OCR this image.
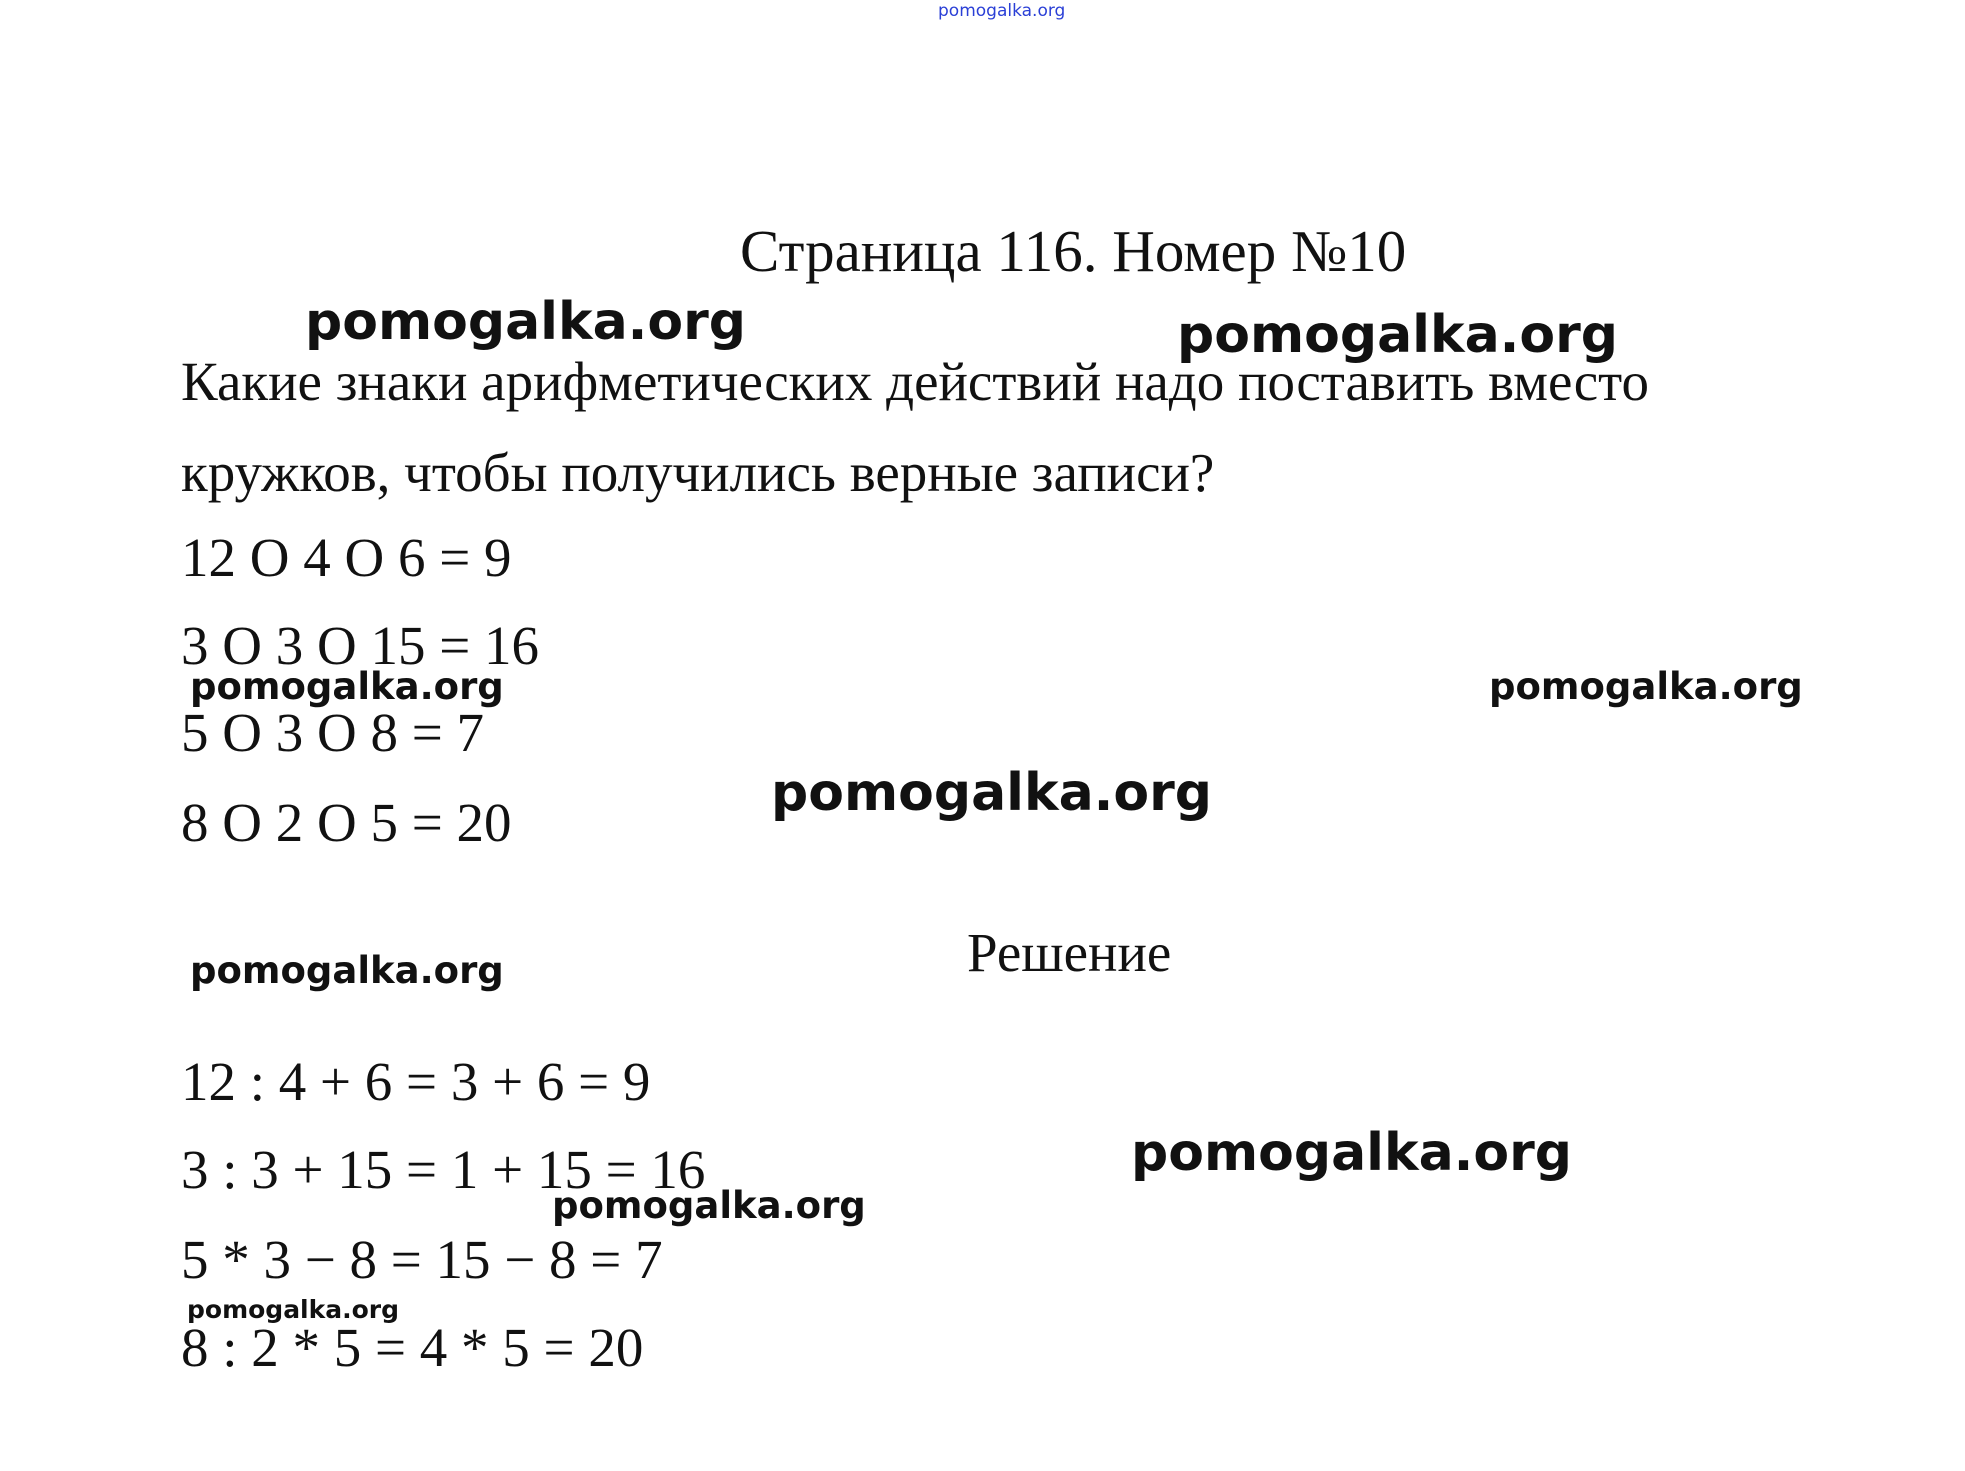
pomogalka.org
Страница 116. Номер №10
Какие знаки арифметических действий надо поставить вместо
кружков, чтобы получились верные записи?
12 O 4 O 6 = 9
3 O 3 O 15 = 16
5 O 3 O 8 = 7
8 O 2 O 5 = 20
Решение
12 : 4 + 6 = 3 + 6 = 9
3 : 3 + 15 = 1 + 15 = 16
5 * 3 − 8 = 15 − 8 = 7
8 : 2 * 5 = 4 * 5 = 20
pomogalka.org	pomogalka.org
pomogalka.org	pomogalka.org
pomogalka.org
pomogalka.org
pomogalka.org
pomogalka.org
pomogalka.org
